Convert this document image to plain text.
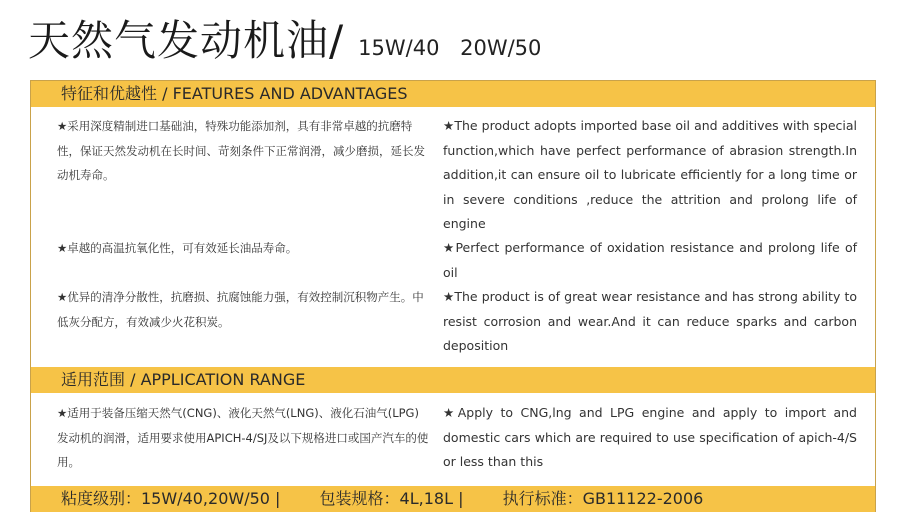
天然气发动机油/ 15W/40 20W/50
特征和优越性 / FEATURES AND ADVANTAGES
★采用深度精制进口基础油，特殊功能添加剂，具有非常卓越的抗磨特性，保证天然发动机在长时间、苛刻条件下正常润滑，减少磨损，延长发动机寿命。
★The product adopts imported base oil and additives with special function,which have perfect performance of abrasion strength.In addition,it can ensure oil to lubricate efficiently for a long time or in severe conditions ,reduce the attrition and prolong life of engine
★卓越的高温抗氧化性，可有效延长油品寿命。	★Perfect performance of oxidation resistance and prolong life of oil
★优异的清净分散性，抗磨损、抗腐蚀能力强，有效控制沉积物产生。中低灰分配方，有效减少火花积炭。
★The product is of great wear resistance and has strong ability to resist corrosion and wear.And it can reduce sparks and carbon deposition
适用范围 / APPLICATION RANGE
★适用于装备压缩天然气(CNG)、液化天然气(LNG)、液化石油气(LPG)发动机的润滑，适用要求使用APICH-4/SJ及以下规格进口或国产汽车的使用。
★Apply to CNG,lng and LPG engine and apply to import and domestic cars which are required to use specification of apich-4/S or less than this
粘度级别：15W/40,20W/50 | 包装规格：4L,18L | 执行标准：GB11122-2006
